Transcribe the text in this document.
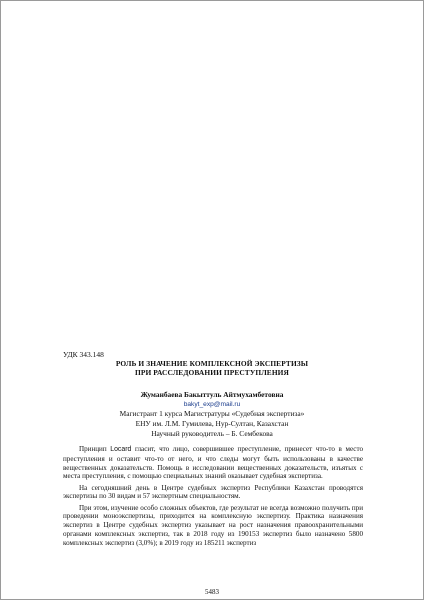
УДК 343.148
РОЛЬ И ЗНАЧЕНИЕ КОМПЛЕКСНОЙ ЭКСПЕРТИЗЫ
ПРИ РАССЛЕДОВАНИИ ПРЕСТУПЛЕНИЯ
Жуманбаева Бакыттуль Айтмухамбетовна
bakyt_exp@mail.ru
Магистрант 1 курса Магистратуры «Судебная экспертиза»
ЕНУ им. Л.М. Гумилева, Нур-Султан, Казахстан
Научный руководитель – Б. Сембекова

Принцип Locard гласит, что лицо, совершившее преступление, принесет что-то в место преступления и оставит что-то от него, и что следы могут быть использованы в качестве вещественных доказательств. Помощь в исследовании вещественных доказательств, изъятых с места преступления, с помощью специальных знаний оказывает судебная экспертиза.

На сегодняшний день в Центре судебных экспертиз Республики Казахстан проводятся экспертизы по 30 видам и 57 экспертным специальностям.

При этом, изучение особо сложных объектов, где результат не всегда возможно получить при проведении моноэкспертизы, приходится на комплексную экспертизу. Практика назначения экспертиз в Центре судебных экспертиз указывает на рост назначения правоохранительными органами комплексных экспертиз, так в 2018 году из 190153 экспертиз было назначено 5800 комплексных экспертиз (3,0%); в 2019 году из 185211 экспертиз

5483
